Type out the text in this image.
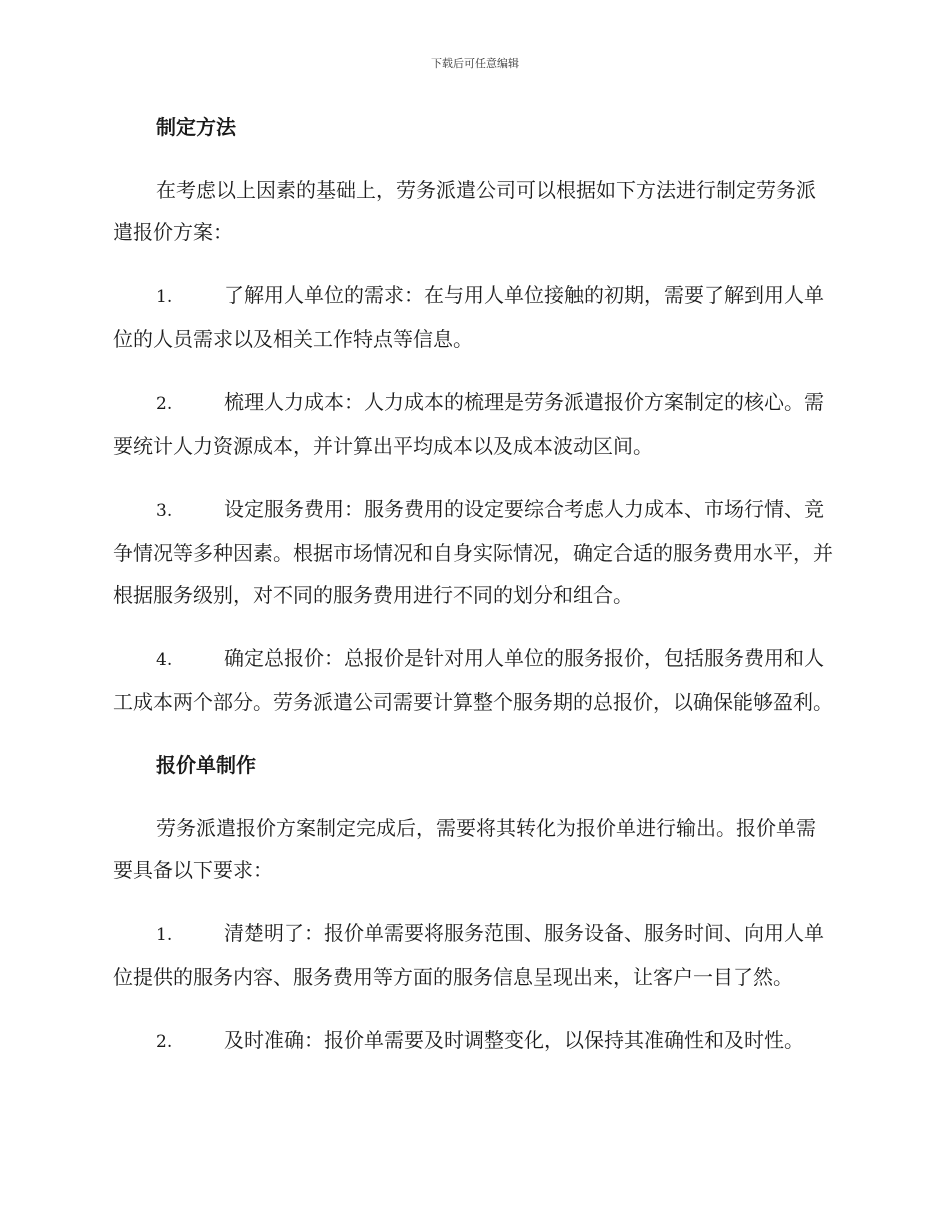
下载后可任意编辑
制定方法
在考虑以上因素的基础上，劳务派遣公司可以根据如下方法进行制定劳务派遣报价方案：
1.	了解用人单位的需求：在与用人单位接触的初期，需要了解到用人单位的人员需求以及相关工作特点等信息。
2.	梳理人力成本：人力成本的梳理是劳务派遣报价方案制定的核心。需要统计人力资源成本，并计算出平均成本以及成本波动区间。
3.	设定服务费用：服务费用的设定要综合考虑人力成本、市场行情、竞争情况等多种因素。根据市场情况和自身实际情况，确定合适的服务费用水平，并根据服务级别，对不同的服务费用进行不同的划分和组合。
4.	确定总报价：总报价是针对用人单位的服务报价，包括服务费用和人工成本两个部分。劳务派遣公司需要计算整个服务期的总报价，以确保能够盈利。
报价单制作
劳务派遣报价方案制定完成后，需要将其转化为报价单进行输出。报价单需要具备以下要求：
1.	清楚明了：报价单需要将服务范围、服务设备、服务时间、向用人单位提供的服务内容、服务费用等方面的服务信息呈现出来，让客户一目了然。
2.	及时准确：报价单需要及时调整变化，以保持其准确性和及时性。
